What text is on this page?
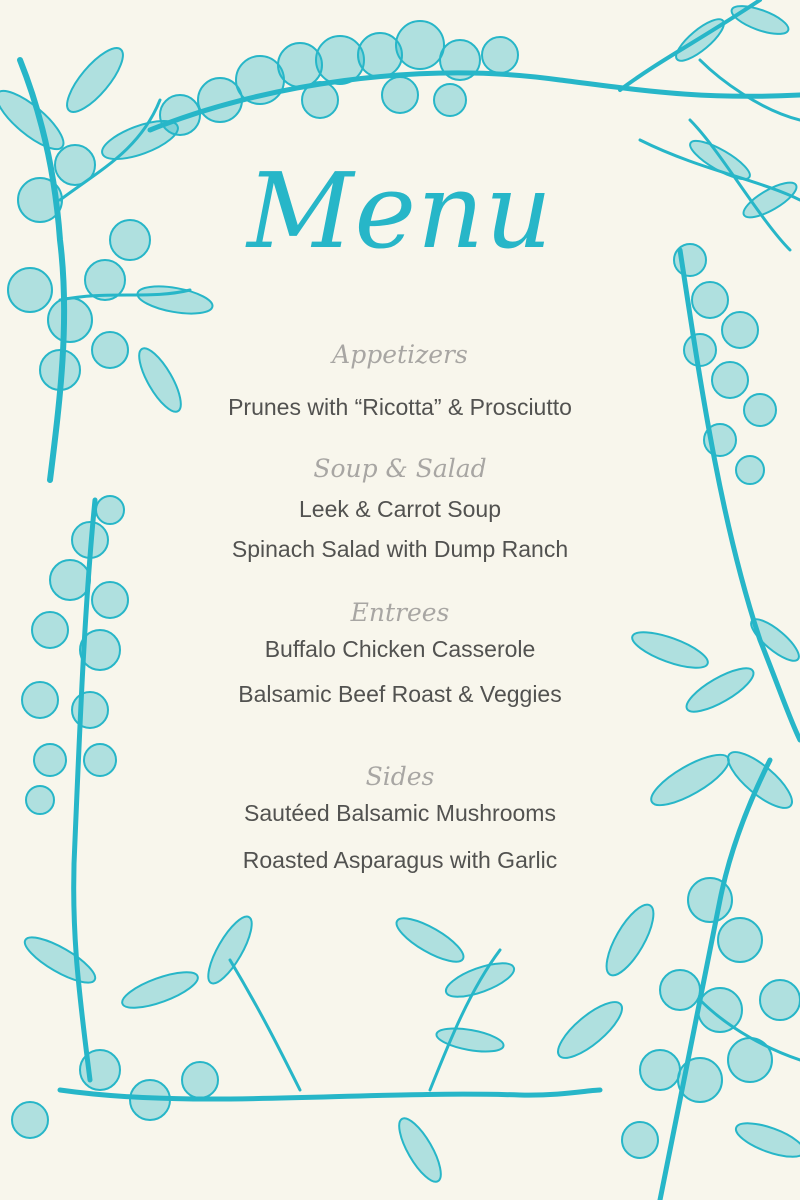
Menu
Appetizers
Prunes with “Ricotta” & Prosciutto
Soup & Salad
Leek & Carrot Soup
Spinach Salad with Dump Ranch
Entrees
Buffalo Chicken Casserole
Balsamic Beef Roast & Veggies
Sides
Sautéed Balsamic Mushrooms
Roasted Asparagus with Garlic
